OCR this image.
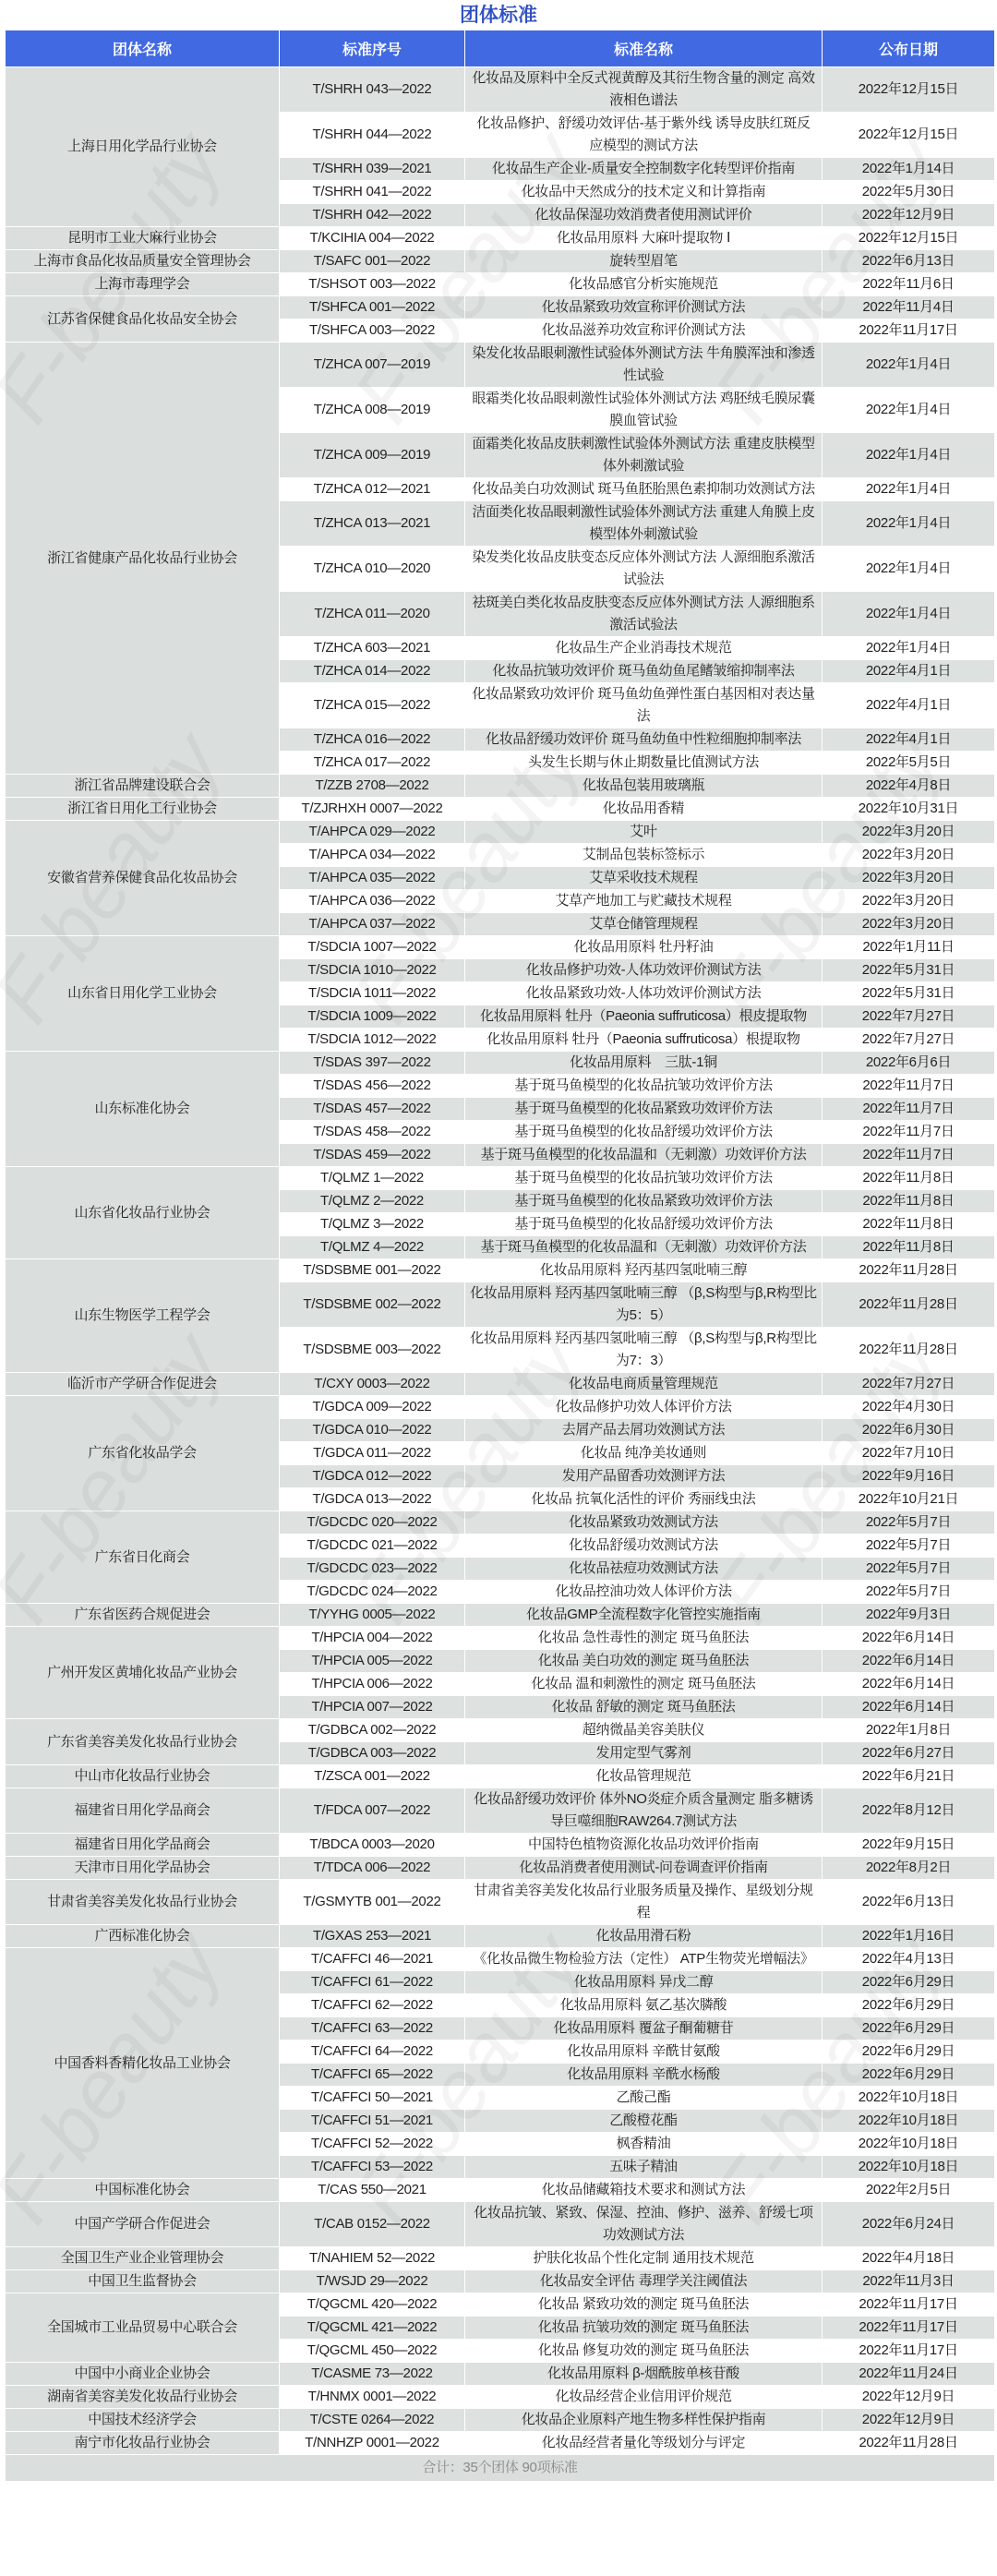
团体标准
团体名称	标准序号	标准名称	公布日期
上海日用化学品行业协会	T/SHRH 043—2022	化妆品及原料中全反式视黄醇及其衍生物含量的测定 高效液相色谱法	2022年12月15日
	T/SHRH 044—2022	化妆品修护、舒缓功效评估-基于紫外线 诱导皮肤红斑反应模型的测试方法	2022年12月15日
	T/SHRH 039—2021	化妆品生产企业-质量安全控制数字化转型评价指南	2022年1月14日
	T/SHRH 041—2022	化妆品中天然成分的技术定义和计算指南	2022年5月30日
	T/SHRH 042—2022	化妆品保湿功效消费者使用测试评价	2022年12月9日
昆明市工业大麻行业协会	T/KCIHIA 004—2022	化妆品用原料 大麻叶提取物 Ⅰ	2022年12月15日
上海市食品化妆品质量安全管理协会	T/SAFC 001—2022	旋转型眉笔	2022年6月13日
上海市毒理学会	T/SHSOT 003—2022	化妆品感官分析实施规范	2022年11月6日
江苏省保健食品化妆品安全协会	T/SHFCA 001—2022	化妆品紧致功效宣称评价测试方法	2022年11月4日
	T/SHFCA 003—2022	化妆品滋养功效宣称评价测试方法	2022年11月17日
浙江省健康产品化妆品行业协会	T/ZHCA 007—2019	染发化妆品眼刺激性试验体外测试方法 牛角膜浑浊和渗透性试验	2022年1月4日
	T/ZHCA 008—2019	眼霜类化妆品眼刺激性试验体外测试方法 鸡胚绒毛膜尿囊膜血管试验	2022年1月4日
	T/ZHCA 009—2019	面霜类化妆品皮肤刺激性试验体外测试方法 重建皮肤模型体外刺激试验	2022年1月4日
	T/ZHCA 012—2021	化妆品美白功效测试 斑马鱼胚胎黑色素抑制功效测试方法	2022年1月4日
	T/ZHCA 013—2021	洁面类化妆品眼刺激性试验体外测试方法 重建人角膜上皮模型体外刺激试验	2022年1月4日
	T/ZHCA 010—2020	染发类化妆品皮肤变态反应体外测试方法 人源细胞系激活试验法	2022年1月4日
	T/ZHCA 011—2020	祛斑美白类化妆品皮肤变态反应体外测试方法 人源细胞系激活试验法	2022年1月4日
	T/ZHCA 603—2021	化妆品生产企业消毒技术规范	2022年1月4日
	T/ZHCA 014—2022	化妆品抗皱功效评价 斑马鱼幼鱼尾鳍皱缩抑制率法	2022年4月1日
	T/ZHCA 015—2022	化妆品紧致功效评价 斑马鱼幼鱼弹性蛋白基因相对表达量法	2022年4月1日
	T/ZHCA 016—2022	化妆品舒缓功效评价 斑马鱼幼鱼中性粒细胞抑制率法	2022年4月1日
	T/ZHCA 017—2022	头发生长期与休止期数量比值测试方法	2022年5月5日
浙江省品牌建设联合会	T/ZZB 2708—2022	化妆品包装用玻璃瓶	2022年4月8日
浙江省日用化工行业协会	T/ZJRHXH 0007—2022	化妆品用香精	2022年10月31日
安徽省营养保健食品化妆品协会	T/AHPCA 029—2022	艾叶	2022年3月20日
	T/AHPCA 034—2022	艾制品包装标签标示	2022年3月20日
	T/AHPCA 035—2022	艾草采收技术规程	2022年3月20日
	T/AHPCA 036—2022	艾草产地加工与贮藏技术规程	2022年3月20日
	T/AHPCA 037—2022	艾草仓储管理规程	2022年3月20日
山东省日用化学工业协会	T/SDCIA 1007—2022	化妆品用原料 牡丹籽油	2022年1月11日
	T/SDCIA 1010—2022	化妆品修护功效-人体功效评价测试方法	2022年5月31日
	T/SDCIA 1011—2022	化妆品紧致功效-人体功效评价测试方法	2022年5月31日
	T/SDCIA 1009—2022	化妆品用原料 牡丹（Paeonia suffruticosa）根皮提取物	2022年7月27日
	T/SDCIA 1012—2022	化妆品用原料 牡丹（Paeonia suffruticosa）根提取物	2022年7月27日
山东标准化协会	T/SDAS 397—2022	化妆品用原料　三肽-1铜	2022年6月6日
	T/SDAS 456—2022	基于斑马鱼模型的化妆品抗皱功效评价方法	2022年11月7日
	T/SDAS 457—2022	基于斑马鱼模型的化妆品紧致功效评价方法	2022年11月7日
	T/SDAS 458—2022	基于斑马鱼模型的化妆品舒缓功效评价方法	2022年11月7日
	T/SDAS 459—2022	基于斑马鱼模型的化妆品温和（无刺激）功效评价方法	2022年11月7日
山东省化妆品行业协会	T/QLMZ 1—2022	基于斑马鱼模型的化妆品抗皱功效评价方法	2022年11月8日
	T/QLMZ 2—2022	基于斑马鱼模型的化妆品紧致功效评价方法	2022年11月8日
	T/QLMZ 3—2022	基于斑马鱼模型的化妆品舒缓功效评价方法	2022年11月8日
	T/QLMZ 4—2022	基于斑马鱼模型的化妆品温和（无刺激）功效评价方法	2022年11月8日
山东生物医学工程学会	T/SDSBME 001—2022	化妆品用原料 羟丙基四氢吡喃三醇	2022年11月28日
	T/SDSBME 002—2022	化妆品用原料 羟丙基四氢吡喃三醇 （β,S构型与β,R构型比为5：5）	2022年11月28日
	T/SDSBME 003—2022	化妆品用原料 羟丙基四氢吡喃三醇 （β,S构型与β,R构型比为7：3）	2022年11月28日
临沂市产学研合作促进会	T/CXY 0003—2022	化妆品电商质量管理规范	2022年7月27日
广东省化妆品学会	T/GDCA 009—2022	化妆品修护功效人体评价方法	2022年4月30日
	T/GDCA 010—2022	去屑产品去屑功效测试方法	2022年6月30日
	T/GDCA 011—2022	化妆品 纯净美妆通则	2022年7月10日
	T/GDCA 012—2022	发用产品留香功效测评方法	2022年9月16日
	T/GDCA 013—2022	化妆品 抗氧化活性的评价 秀丽线虫法	2022年10月21日
广东省日化商会	T/GDCDC 020—2022	化妆品紧致功效测试方法	2022年5月7日
	T/GDCDC 021—2022	化妆品舒缓功效测试方法	2022年5月7日
	T/GDCDC 023—2022	化妆品祛痘功效测试方法	2022年5月7日
	T/GDCDC 024—2022	化妆品控油功效人体评价方法	2022年5月7日
广东省医药合规促进会	T/YYHG 0005—2022	化妆品GMP全流程数字化管控实施指南	2022年9月3日
广州开发区黄埔化妆品产业协会	T/HPCIA 004—2022	化妆品 急性毒性的测定 斑马鱼胚法	2022年6月14日
	T/HPCIA 005—2022	化妆品 美白功效的测定 斑马鱼胚法	2022年6月14日
	T/HPCIA 006—2022	化妆品 温和刺激性的测定 斑马鱼胚法	2022年6月14日
	T/HPCIA 007—2022	化妆品 舒敏的测定 斑马鱼胚法	2022年6月14日
广东省美容美发化妆品行业协会	T/GDBCA 002—2022	超纳微晶美容美肤仪	2022年1月8日
	T/GDBCA 003—2022	发用定型气雾剂	2022年6月27日
中山市化妆品行业协会	T/ZSCA 001—2022	化妆品管理规范	2022年6月21日
福建省日用化学品商会	T/FDCA 007—2022	化妆品舒缓功效评价 体外NO炎症介质含量测定 脂多糖诱导巨噬细胞RAW264.7测试方法	2022年8月12日
福建省日用化学品商会	T/BDCA 0003—2020	中国特色植物资源化妆品功效评价指南	2022年9月15日
天津市日用化学品协会	T/TDCA 006—2022	化妆品消费者使用测试-问卷调查评价指南	2022年8月2日
甘肃省美容美发化妆品行业协会	T/GSMYTB 001—2022	甘肃省美容美发化妆品行业服务质量及操作、星级划分规程	2022年6月13日
广西标准化协会	T/GXAS 253—2021	化妆品用滑石粉	2022年1月16日
中国香料香精化妆品工业协会	T/CAFFCI 46—2021	《化妆品微生物检验方法（定性） ATP生物荧光增幅法》	2022年4月13日
	T/CAFFCI 61—2022	化妆品用原料 异戊二醇	2022年6月29日
	T/CAFFCI 62—2022	化妆品用原料 氨乙基次膦酸	2022年6月29日
	T/CAFFCI 63—2022	化妆品用原料 覆盆子酮葡糖苷	2022年6月29日
	T/CAFFCI 64—2022	化妆品用原料 辛酰甘氨酸	2022年6月29日
	T/CAFFCI 65—2022	化妆品用原料 辛酰水杨酸	2022年6月29日
	T/CAFFCI 50—2021	乙酸己酯	2022年10月18日
	T/CAFFCI 51—2021	乙酸橙花酯	2022年10月18日
	T/CAFFCI 52—2022	枫香精油	2022年10月18日
	T/CAFFCI 53—2022	五味子精油	2022年10月18日
中国标准化协会	T/CAS 550—2021	化妆品储藏箱技术要求和测试方法	2022年2月5日
中国产学研合作促进会	T/CAB 0152—2022	化妆品抗皱、紧致、保湿、控油、修护、滋养、舒缓七项功效测试方法	2022年6月24日
全国卫生产业企业管理协会	T/NAHIEM 52—2022	护肤化妆品个性化定制 通用技术规范	2022年4月18日
中国卫生监督协会	T/WSJD 29—2022	化妆品安全评估 毒理学关注阈值法	2022年11月3日
全国城市工业品贸易中心联合会	T/QGCML 420—2022	化妆品 紧致功效的测定 斑马鱼胚法	2022年11月17日
	T/QGCML 421—2022	化妆品 抗皱功效的测定 斑马鱼胚法	2022年11月17日
	T/QGCML 450—2022	化妆品 修复功效的测定 斑马鱼胚法	2022年11月17日
中国中小商业企业协会	T/CASME 73—2022	化妆品用原料 β-烟酰胺单核苷酸	2022年11月24日
湖南省美容美发化妆品行业协会	T/HNMX 0001—2022	化妆品经营企业信用评价规范	2022年12月9日
中国技术经济学会	T/CSTE 0264—2022	化妆品企业原料产地生物多样性保护指南	2022年12月9日
南宁市化妆品行业协会	T/NNHZP 0001—2022	化妆品经营者量化等级划分与评定	2022年11月28日
合计：35个团体 90项标准			
